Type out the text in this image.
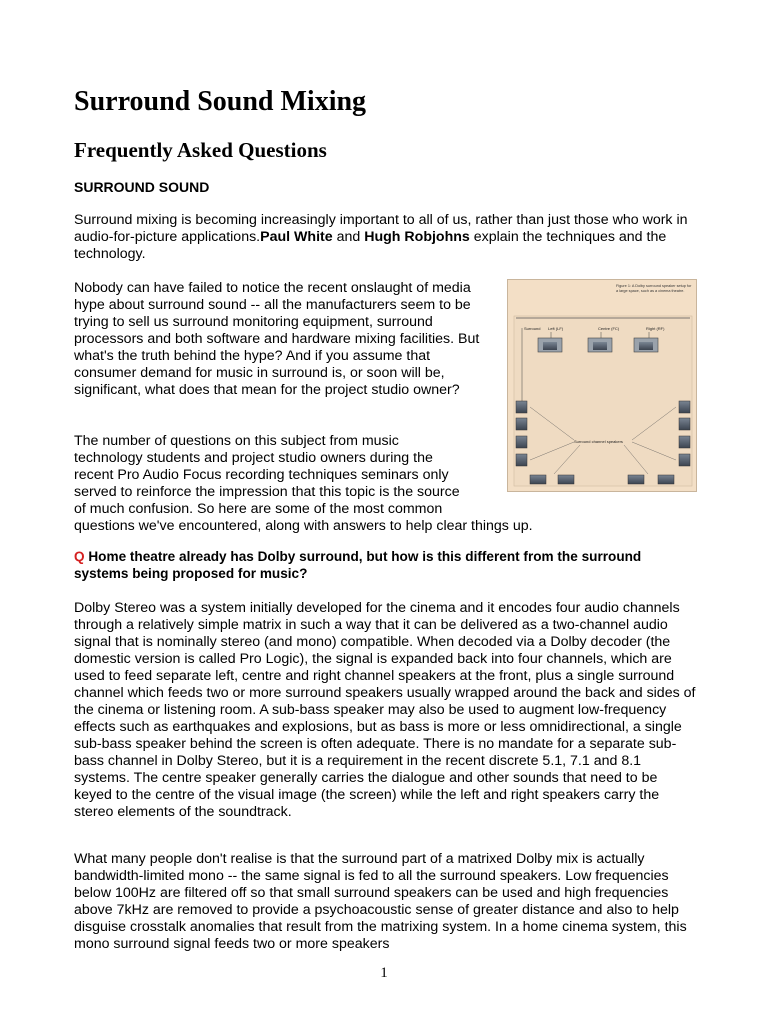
Surround Sound Mixing
Frequently Asked Questions

SURROUND SOUND

Surround mixing is becoming increasingly important to all of us, rather than just those who work in audio-for-picture applications.Paul White and Hugh Robjohns explain the techniques and the technology.

Nobody can have failed to notice the recent onslaught of media hype about surround sound -- all the manufacturers seem to be trying to sell us surround monitoring equipment, surround processors and both software and hardware mixing facilities. But what's the truth behind the hype? And if you assume that consumer demand for music in surround is, or soon will be, significant, what does that mean for the project studio owner?

The number of questions on this subject from music
technology students and project studio owners during the
recent Pro Audio Focus recording techniques seminars only
served to reinforce the impression that this topic is the source
of much confusion. So here are some of the most common
questions we've encountered, along with answers to help clear things up.

Figure 1: A Dolby surround speaker setup for a large space, such as a cinema theatre.
Surround Left (LF)	Centre (FC)	Right (RF)
Surround channel speakers

Q Home theatre already has Dolby surround, but how is this different from the surround systems being proposed for music?

Dolby Stereo was a system initially developed for the cinema and it encodes four audio channels through a relatively simple matrix in such a way that it can be delivered as a two-channel audio signal that is nominally stereo (and mono) compatible. When decoded via a Dolby decoder (the domestic version is called Pro Logic), the signal is expanded back into four channels, which are used to feed separate left, centre and right channel speakers at the front, plus a single surround channel which feeds two or more surround speakers usually wrapped around the back and sides of the cinema or listening room. A sub-bass speaker may also be used to augment low-frequency effects such as earthquakes and explosions, but as bass is more or less omnidirectional, a single sub-bass speaker behind the screen is often adequate. There is no mandate for a separate sub-bass channel in Dolby Stereo, but it is a requirement in the recent discrete 5.1, 7.1 and 8.1 systems. The centre speaker generally carries the dialogue and other sounds that need to be keyed to the centre of the visual image (the screen) while the left and right speakers carry the stereo elements of the soundtrack.

What many people don't realise is that the surround part of a matrixed Dolby mix is actually bandwidth-limited mono -- the same signal is fed to all the surround speakers. Low frequencies below 100Hz are filtered off so that small surround speakers can be used and high frequencies above 7kHz are removed to provide a psychoacoustic sense of greater distance and also to help disguise crosstalk anomalies that result from the matrixing system. In a home cinema system, this mono surround signal feeds two or more speakers

1
